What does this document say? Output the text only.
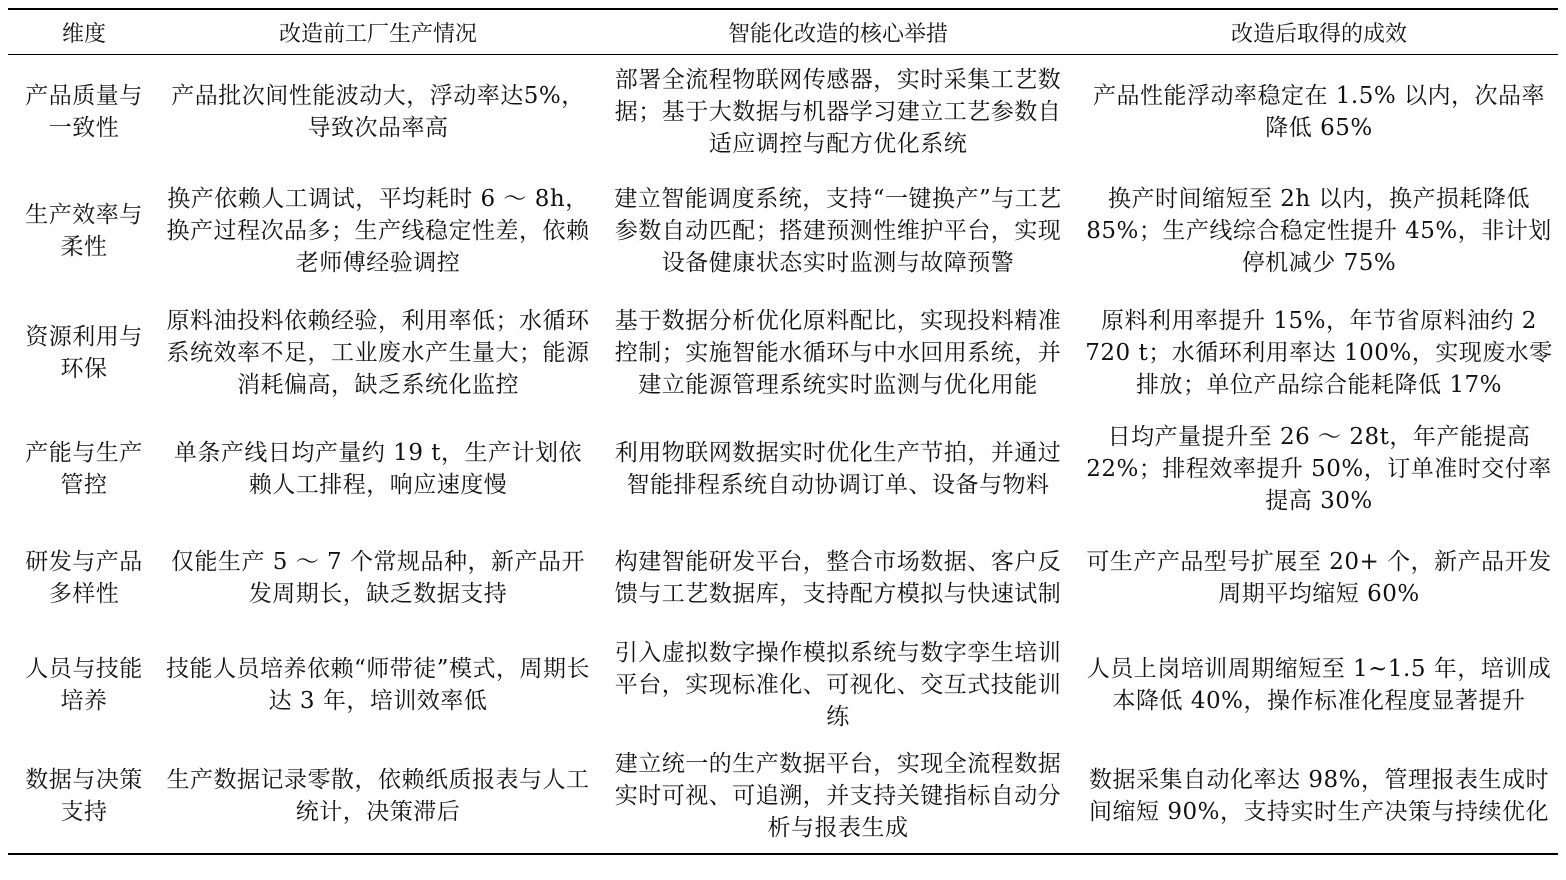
维度	改造前工厂生产情况	智能化改造的核心举措	改造后取得的成效
产品质量与一致性	产品批次间性能波动大，浮动率达5%，导致次品率高	部署全流程物联网传感器，实时采集工艺数据；基于大数据与机器学习建立工艺参数自适应调控与配方优化系统	产品性能浮动率稳定在 1.5% 以内，次品率降低 65%
生产效率与柔性	换产依赖人工调试，平均耗时 6 ～ 8h，换产过程次品多；生产线稳定性差，依赖老师傅经验调控	建立智能调度系统，支持“一键换产”与工艺参数自动匹配；搭建预测性维护平台，实现设备健康状态实时监测与故障预警	换产时间缩短至 2h 以内，换产损耗降低 85%；生产线综合稳定性提升 45%，非计划停机减少 75%
资源利用与环保	原料油投料依赖经验，利用率低；水循环系统效率不足，工业废水产生量大；能源消耗偏高，缺乏系统化监控	基于数据分析优化原料配比，实现投料精准控制；实施智能水循环与中水回用系统，并建立能源管理系统实时监测与优化用能	原料利用率提升 15%，年节省原料油约 2 720 t；水循环利用率达 100%，实现废水零排放；单位产品综合能耗降低 17%
产能与生产管控	单条产线日均产量约 19 t，生产计划依赖人工排程，响应速度慢	利用物联网数据实时优化生产节拍，并通过智能排程系统自动协调订单、设备与物料	日均产量提升至 26 ～ 28t，年产能提高 22%；排程效率提升 50%，订单准时交付率提高 30%
研发与产品多样性	仅能生产 5 ～ 7 个常规品种，新产品开发周期长，缺乏数据支持	构建智能研发平台，整合市场数据、客户反馈与工艺数据库，支持配方模拟与快速试制	可生产产品型号扩展至 20+ 个，新产品开发周期平均缩短 60%
人员与技能培养	技能人员培养依赖“师带徒”模式，周期长达 3 年，培训效率低	引入虚拟数字操作模拟系统与数字孪生培训平台，实现标准化、可视化、交互式技能训练	人员上岗培训周期缩短至 1~1.5 年，培训成本降低 40%，操作标准化程度显著提升
数据与决策支持	生产数据记录零散，依赖纸质报表与人工统计，决策滞后	建立统一的生产数据平台，实现全流程数据实时可视、可追溯，并支持关键指标自动分析与报表生成	数据采集自动化率达 98%，管理报表生成时间缩短 90%，支持实时生产决策与持续优化
